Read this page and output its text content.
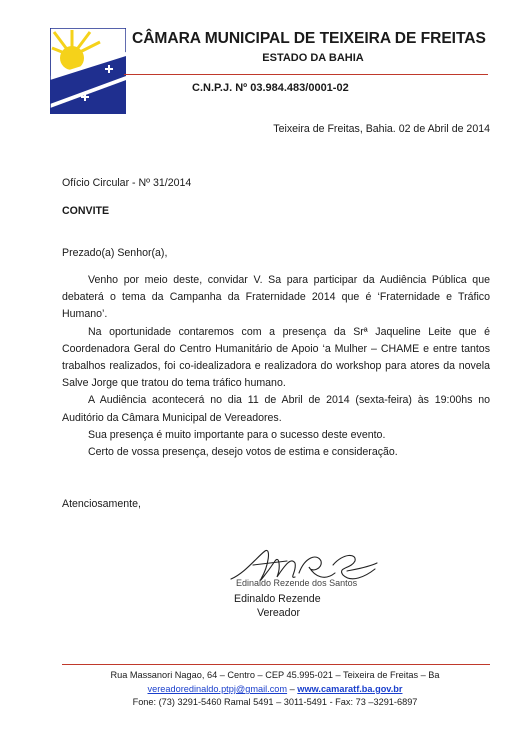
CÂMARA MUNICIPAL DE TEIXEIRA DE FREITAS
ESTADO DA BAHIA
C.N.P.J. Nº 03.984.483/0001-02
Teixeira de Freitas, Bahia. 02 de Abril de 2014
Ofício Circular - Nº 31/2014
CONVITE
Prezado(a) Senhor(a),

Venho por meio deste, convidar V. Sa para participar da Audiência Pública que debaterá o tema da Campanha da Fraternidade 2014 que é ‘Fraternidade e Tráfico Humano’.

Na oportunidade contaremos com a presença da Srª Jaqueline Leite que é Coordenadora Geral do Centro Humanitário de Apoio ‘a Mulher – CHAME e entre tantos trabalhos realizados, foi co-idealizadora e realizadora do workshop para atores da novela Salve Jorge que tratou do tema tráfico humano.

A Audiência acontecerá no dia 11 de Abril de 2014 (sexta-feira) às 19:00hs no Auditório da Câmara Municipal de Vereadores.

Sua presença é muito importante para o sucesso deste evento.

Certo de vossa presença, desejo votos de estima e consideração.

Atenciosamente,
Edinaldo Rezende dos Santos
Edinaldo Rezende
Vereador
Rua Massanori Nagao, 64 – Centro – CEP 45.995-021 – Teixeira de Freitas – Ba
vereadoredinaldo.ptpj@gmail.com – www.camaratf.ba.gov.br
Fone: (73) 3291-5460 Ramal 5491 – 3011-5491 - Fax: 73 –3291-6897
